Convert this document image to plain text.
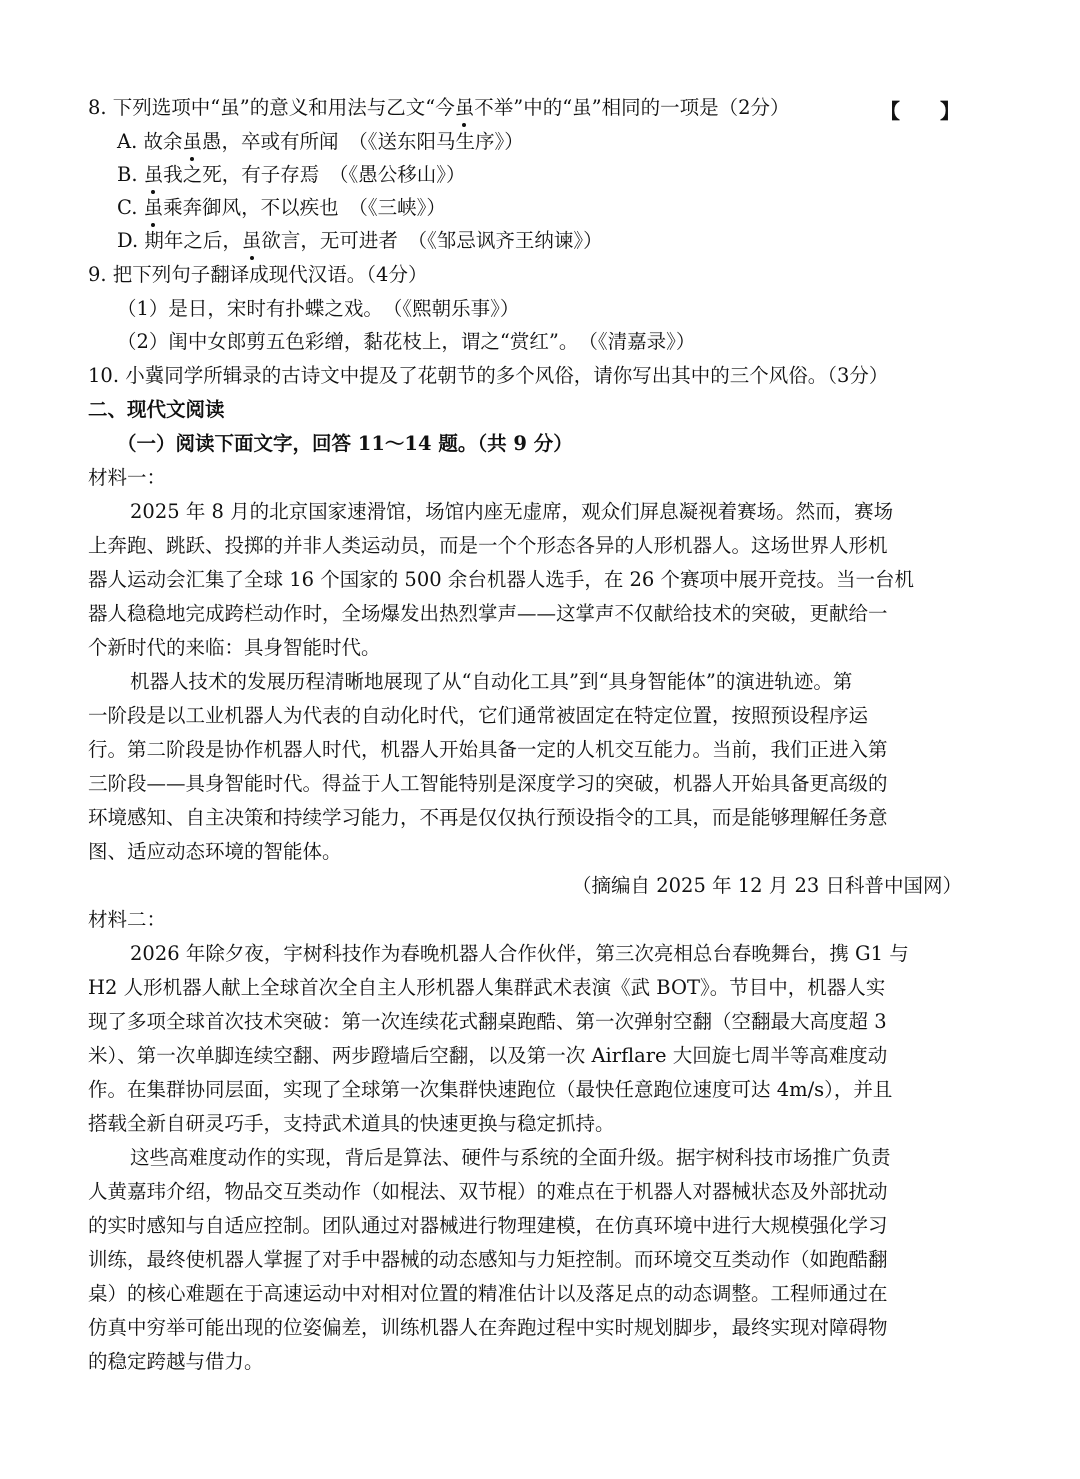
8. 下列选项中“虽”的意义和用法与乙文“今虽不举”中的“虽”相同的一项是（2分）	【 】
A. 故余虽愚，卒或有所闻　（《送东阳马生序》）
B. 虽我之死，有子存焉　（《愚公移山》）
C. 虽乘奔御风，不以疾也　（《三峡》）
D. 期年之后，虽欲言，无可进者　（《邹忌讽齐王纳谏》）
9. 把下列句子翻译成现代汉语。（4分）
（1）是日，宋时有扑蝶之戏。　（《熙朝乐事》）
（2）闺中女郎剪五色彩缯，黏花枝上，谓之“赏红”。　（《清嘉录》）
10. 小冀同学所辑录的古诗文中提及了花朝节的多个风俗，请你写出其中的三个风俗。（3分）
二、现代文阅读
（一）阅读下面文字，回答 11～14 题。（共 9 分）
材料一：
2025 年 8 月的北京国家速滑馆，场馆内座无虚席，观众们屏息凝视着赛场。然而，赛场
上奔跑、跳跃、投掷的并非人类运动员，而是一个个形态各异的人形机器人。这场世界人形机
器人运动会汇集了全球 16 个国家的 500 余台机器人选手，在 26 个赛项中展开竞技。当一台机
器人稳稳地完成跨栏动作时，全场爆发出热烈掌声——这掌声不仅献给技术的突破，更献给一
个新时代的来临：具身智能时代。
机器人技术的发展历程清晰地展现了从“自动化工具”到“具身智能体”的演进轨迹。第
一阶段是以工业机器人为代表的自动化时代，它们通常被固定在特定位置，按照预设程序运
行。第二阶段是协作机器人时代，机器人开始具备一定的人机交互能力。当前，我们正进入第
三阶段——具身智能时代。得益于人工智能特别是深度学习的突破，机器人开始具备更高级的
环境感知、自主决策和持续学习能力，不再是仅仅执行预设指令的工具，而是能够理解任务意
图、适应动态环境的智能体。
（摘编自 2025 年 12 月 23 日科普中国网）
材料二：
2026 年除夕夜，宇树科技作为春晚机器人合作伙伴，第三次亮相总台春晚舞台，携 G1 与
H2 人形机器人献上全球首次全自主人形机器人集群武术表演《武 BOT》。节目中，机器人实
现了多项全球首次技术突破：第一次连续花式翻桌跑酷、第一次弹射空翻（空翻最大高度超 3
米）、第一次单脚连续空翻、两步蹬墙后空翻，以及第一次 Airflare 大回旋七周半等高难度动
作。在集群协同层面，实现了全球第一次集群快速跑位（最快任意跑位速度可达 4m/s），并且
搭载全新自研灵巧手，支持武术道具的快速更换与稳定抓持。
这些高难度动作的实现，背后是算法、硬件与系统的全面升级。据宇树科技市场推广负责
人黄嘉玮介绍，物品交互类动作（如棍法、双节棍）的难点在于机器人对器械状态及外部扰动
的实时感知与自适应控制。团队通过对器械进行物理建模，在仿真环境中进行大规模强化学习
训练，最终使机器人掌握了对手中器械的动态感知与力矩控制。而环境交互类动作（如跑酷翻
桌）的核心难题在于高速运动中对相对位置的精准估计以及落足点的动态调整。工程师通过在
仿真中穷举可能出现的位姿偏差，训练机器人在奔跑过程中实时规划脚步，最终实现对障碍物
的稳定跨越与借力。
